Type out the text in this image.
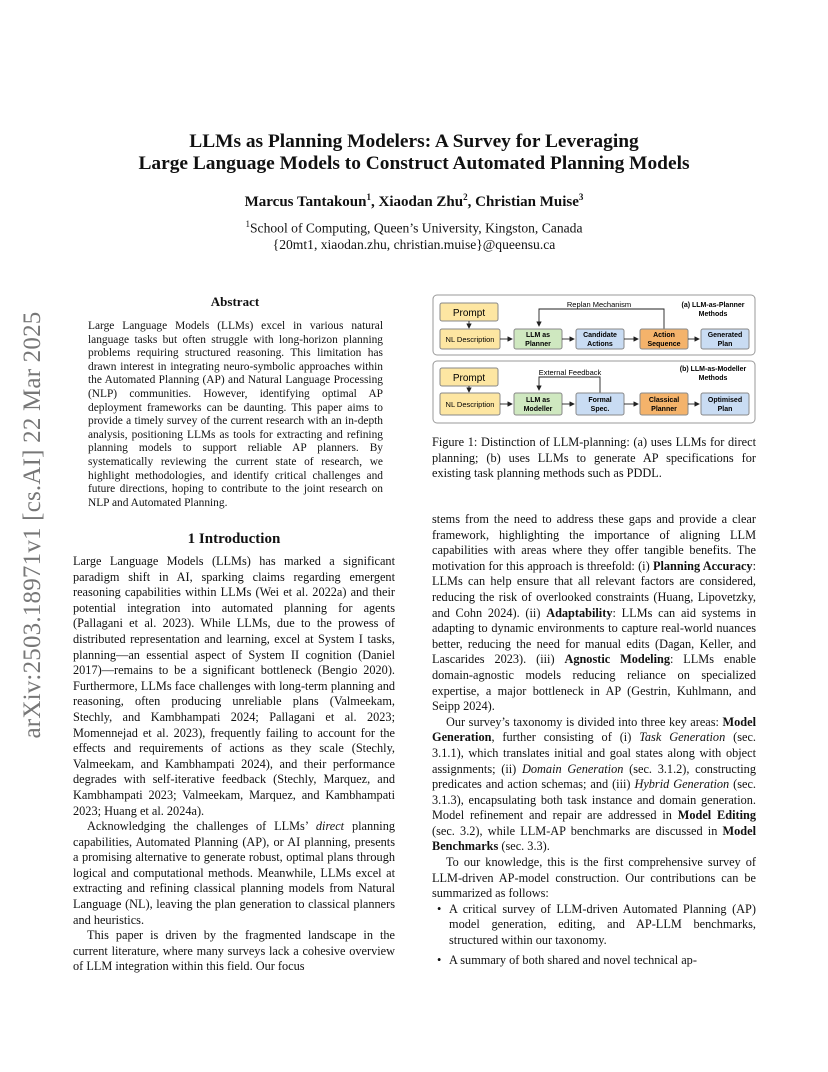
arXiv:2503.18971v1 [cs.AI] 22 Mar 2025
LLMs as Planning Modelers: A Survey for Leveraging
Large Language Models to Construct Automated Planning Models
Marcus Tantakoun$^1$, Xiaodan Zhu$^2$, Christian Muise$^3$
$^1$School of Computing, Queen’s University, Kingston, Canada
{20mt1, xiaodan.zhu, christian.muise}@queensu.ca
Abstract
Large Language Models (LLMs) excel in various natural language tasks but often struggle with long-horizon planning problems requiring structured reasoning. This limitation has drawn interest in integrating neuro-symbolic approaches within the Automated Planning (AP) and Natural Language Processing (NLP) communities. However, identifying optimal AP deployment frameworks can be daunting. This paper aims to provide a timely survey of the current research with an in-depth analysis, positioning LLMs as tools for extracting and refining planning models to support reliable AP planners. By systematically reviewing the current state of research, we highlight methodologies, and identify critical challenges and future directions, hoping to contribute to the joint research on NLP and Automated Planning.
1 Introduction

Large Language Models (LLMs) has marked a significant paradigm shift in AI, sparking claims regarding emergent reasoning capabilities within LLMs (Wei et al. 2022a) and their potential integration into automated planning for agents (Pallagani et al. 2023). While LLMs, due to the prowess of distributed representation and learning, excel at System I tasks, planning—an essential aspect of System II cognition (Daniel 2017)—remains to be a significant bottleneck (Bengio 2020). Furthermore, LLMs face challenges with long-term planning and reasoning, often producing unreliable plans (Valmeekam, Stechly, and Kambhampati 2024; Pallagani et al. 2023; Momennejad et al. 2023), frequently failing to account for the effects and requirements of actions as they scale (Stechly, Valmeekam, and Kambhampati 2024), and their performance degrades with self-iterative feedback (Stechly, Marquez, and Kambhampati 2023; Valmeekam, Marquez, and Kambhampati 2023; Huang et al. 2024a).

Acknowledging the challenges of LLMs’ direct planning capabilities, Automated Planning (AP), or AI planning, presents a promising alternative to generate robust, optimal plans through logical and computational methods. Meanwhile, LLMs excel at extracting and refining classical planning models from Natural Language (NL), leaving the plan generation to classical planners and heuristics.

This paper is driven by the fragmented landscape in the current literature, where many surveys lack a cohesive overview of LLM integration within this field. Our focus

Prompt
Replan Mechanism	(a) LLM-as-Planner
Methods
NL Description	LLM as
Planner
Candidate
Actions
Action
Sequence
Generated
Plan
Prompt
External Feedback	(b) LLM-as-Modeller
Methods
NL Description	LLM as
Modeller
Formal
Spec.
Classical
Planner
Optimised
Plan
Figure 1: Distinction of LLM-planning: (a) uses LLMs for direct planning; (b) uses LLMs to generate AP specifications for existing task planning methods such as PDDL.

stems from the need to address these gaps and provide a clear framework, highlighting the importance of aligning LLM capabilities with areas where they offer tangible benefits. The motivation for this approach is threefold: (i) Planning Accuracy: LLMs can help ensure that all relevant factors are considered, reducing the risk of overlooked constraints (Huang, Lipovetzky, and Cohn 2024). (ii) Adaptability: LLMs can aid systems in adapting to dynamic environments to capture real-world nuances better, reducing the need for manual edits (Dagan, Keller, and Lascarides 2023). (iii) Agnostic Modeling: LLMs enable domain-agnostic models reducing reliance on specialized expertise, a major bottleneck in AP (Gestrin, Kuhlmann, and Seipp 2024).

Our survey’s taxonomy is divided into three key areas: Model Generation, further consisting of (i) Task Generation (sec. 3.1.1), which translates initial and goal states along with object assignments; (ii) Domain Generation (sec. 3.1.2), constructing predicates and action schemas; and (iii) Hybrid Generation (sec. 3.1.3), encapsulating both task instance and domain generation. Model refinement and repair are addressed in Model Editing (sec. 3.2), while LLM-AP benchmarks are discussed in Model Benchmarks (sec. 3.3).

To our knowledge, this is the first comprehensive survey of LLM-driven AP-model construction. Our contributions can be summarized as follows:

• A critical survey of LLM-driven Automated Planning (AP) model generation, editing, and AP-LLM benchmarks, structured within our taxonomy.
• A summary of both shared and novel technical ap-
